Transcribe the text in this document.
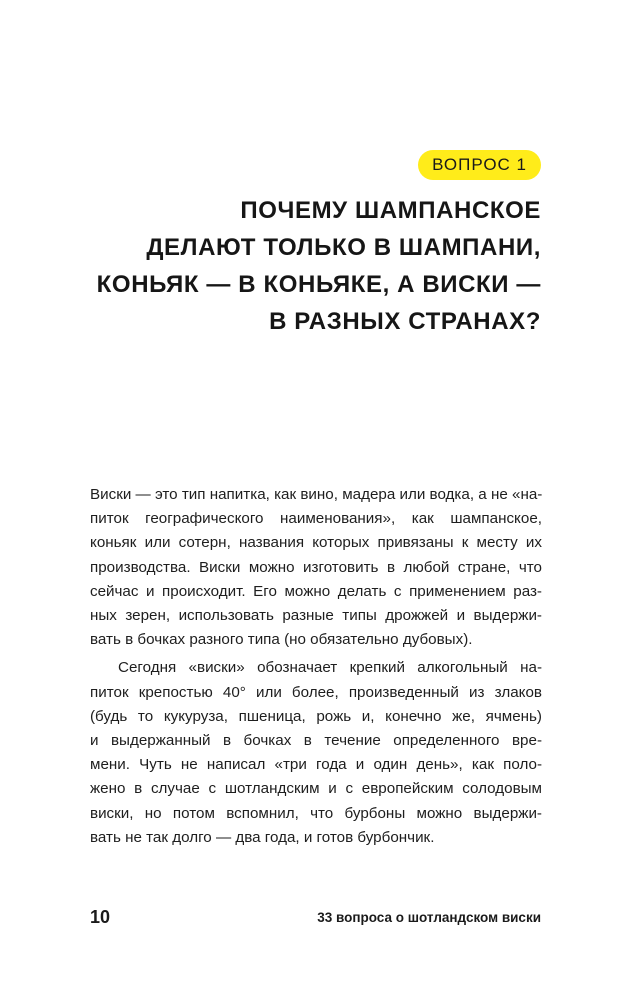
ВОПРОС 1
ПОЧЕМУ ШАМПАНСКОЕ
ДЕЛАЮТ ТОЛЬКО В ШАМПАНИ,
КОНЬЯК — В КОНЬЯКЕ, А ВИСКИ —
В РАЗНЫХ СТРАНАХ?

Виски — это тип напитка, как вино, мадера или водка, а не «на-
питок географического наименования», как шампанское,
коньяк или сотерн, названия которых привязаны к месту их
производства. Виски можно изготовить в любой стране, что
сейчас и происходит. Его можно делать с применением раз-
ных зерен, использовать разные типы дрожжей и выдержи-
вать в бочках разного типа (но обязательно дубовых).

Сегодня «виски» обозначает крепкий алкогольный на-
питок крепостью 40° или более, произведенный из злаков
(будь то кукуруза, пшеница, рожь и, конечно же, ячмень)
и выдержанный в бочках в течение определенного вре-
мени. Чуть не написал «три года и один день», как поло-
жено в случае с шотландским и с европейским солодовым
виски, но потом вспомнил, что бурбоны можно выдержи-
вать не так долго — два года, и готов бурбончик.

10	33 вопроса о шотландском виски
